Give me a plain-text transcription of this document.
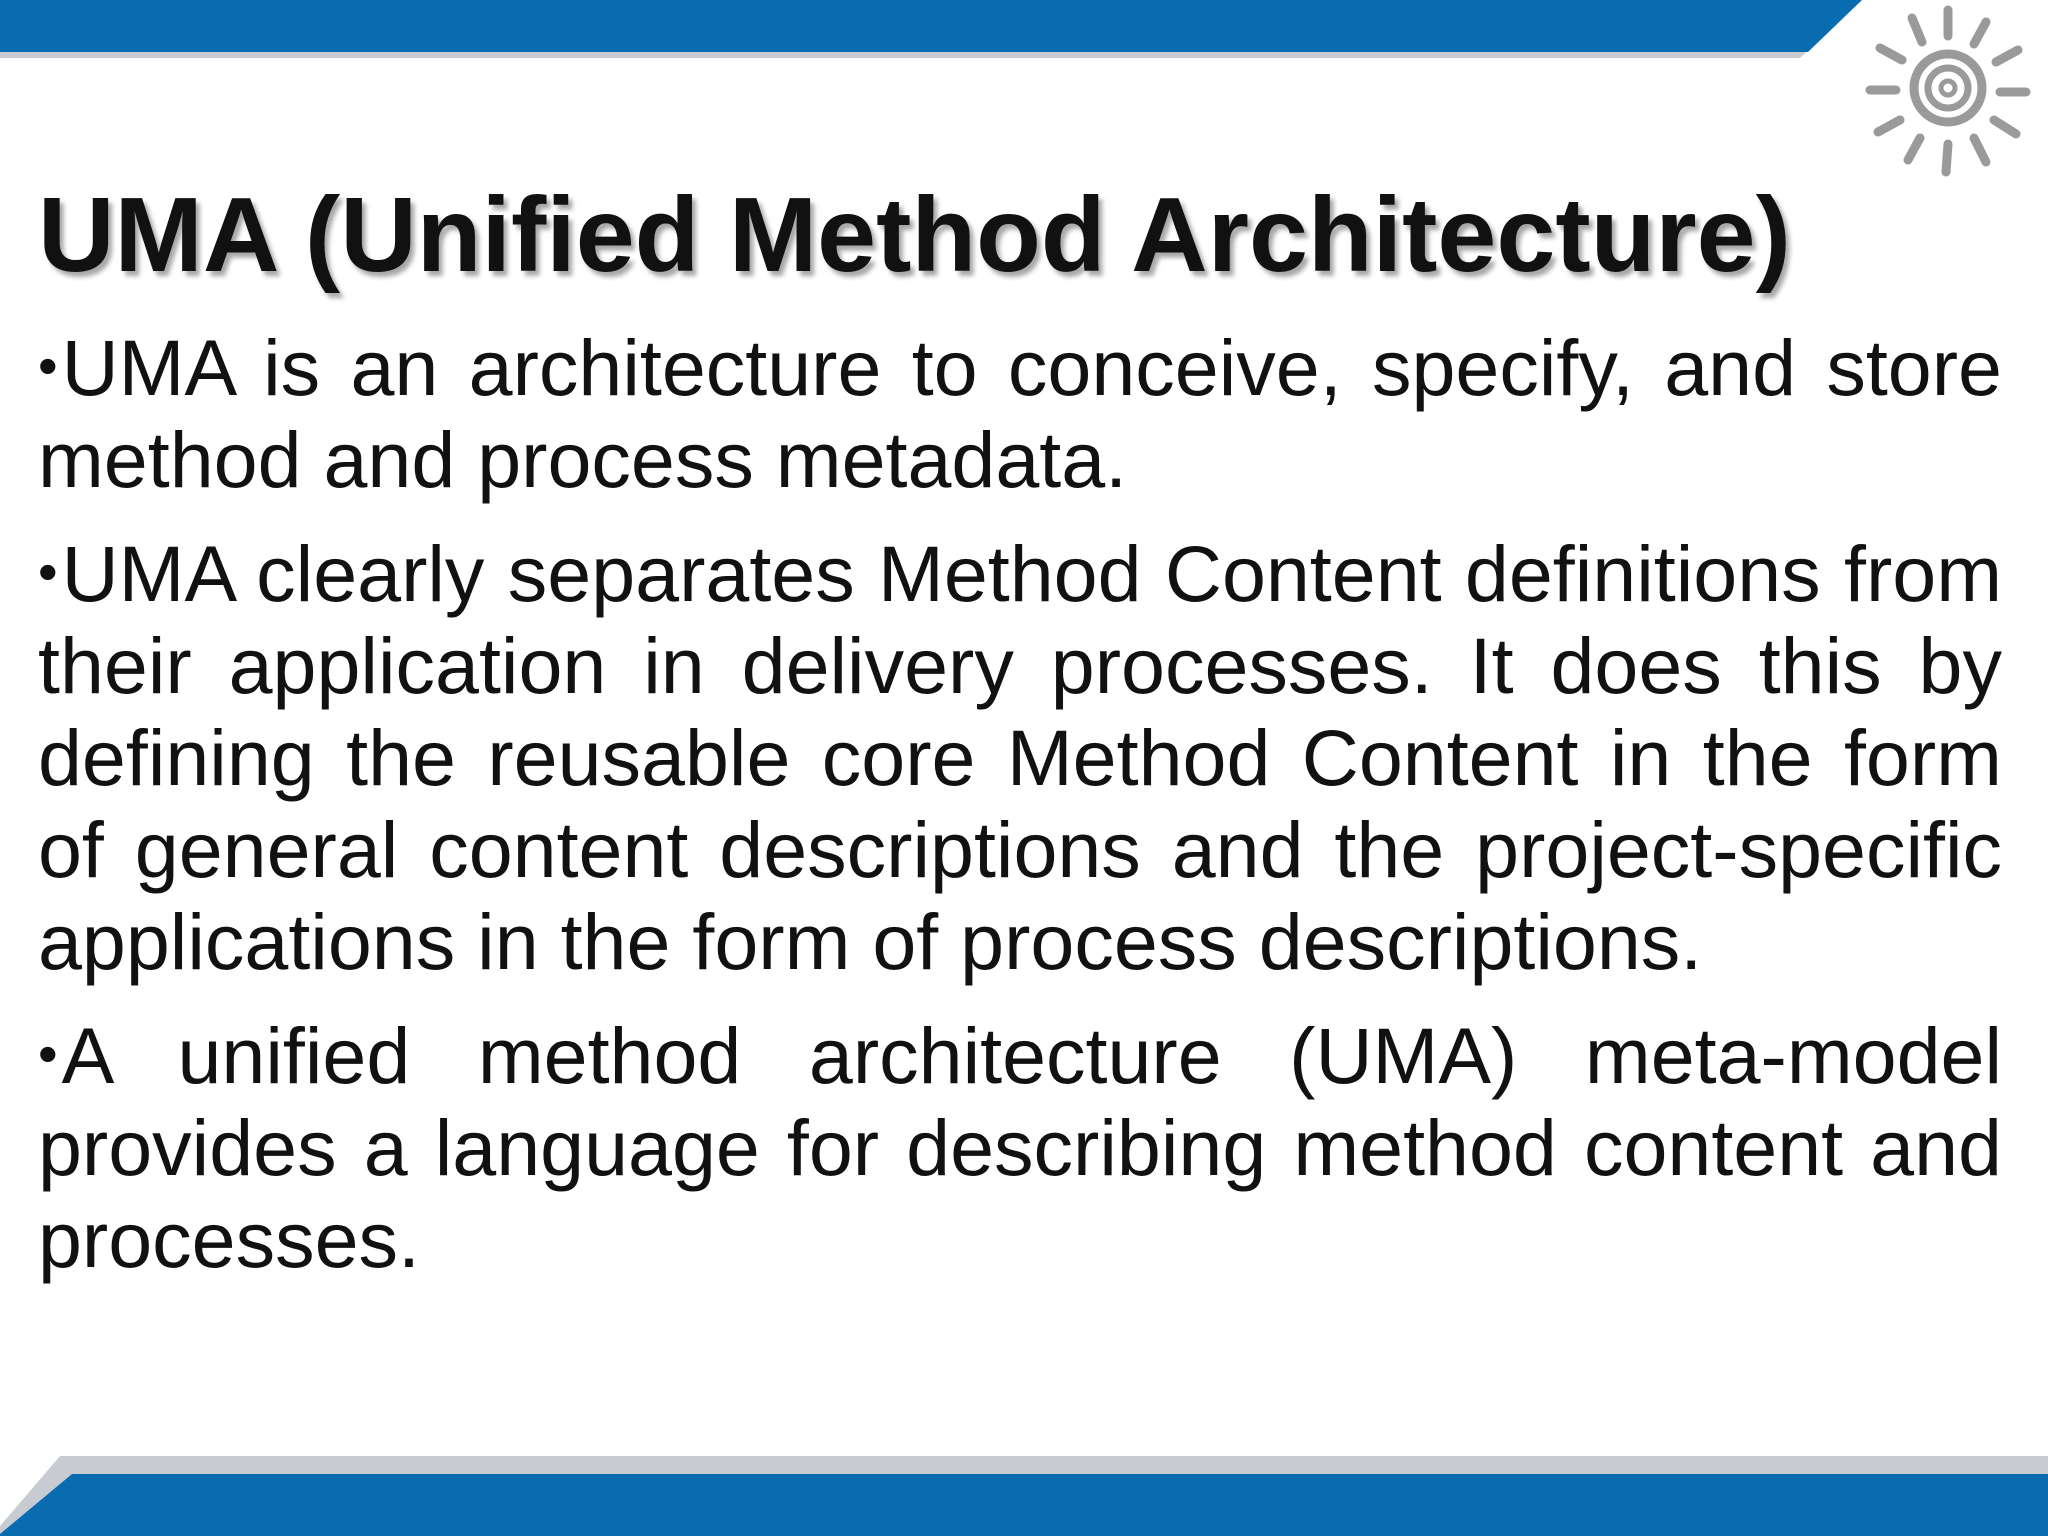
UMA (Unified Method Architecture)
•UMA is an architecture to conceive, specify, and store method and process metadata.
•UMA clearly separates Method Content definitions from their application in delivery processes. It does this by defining the reusable core Method Content in the form of general content descriptions and the project-specific applications in the form of process descriptions.
•A unified method architecture (UMA) meta-model provides a language for describing method content and processes.
